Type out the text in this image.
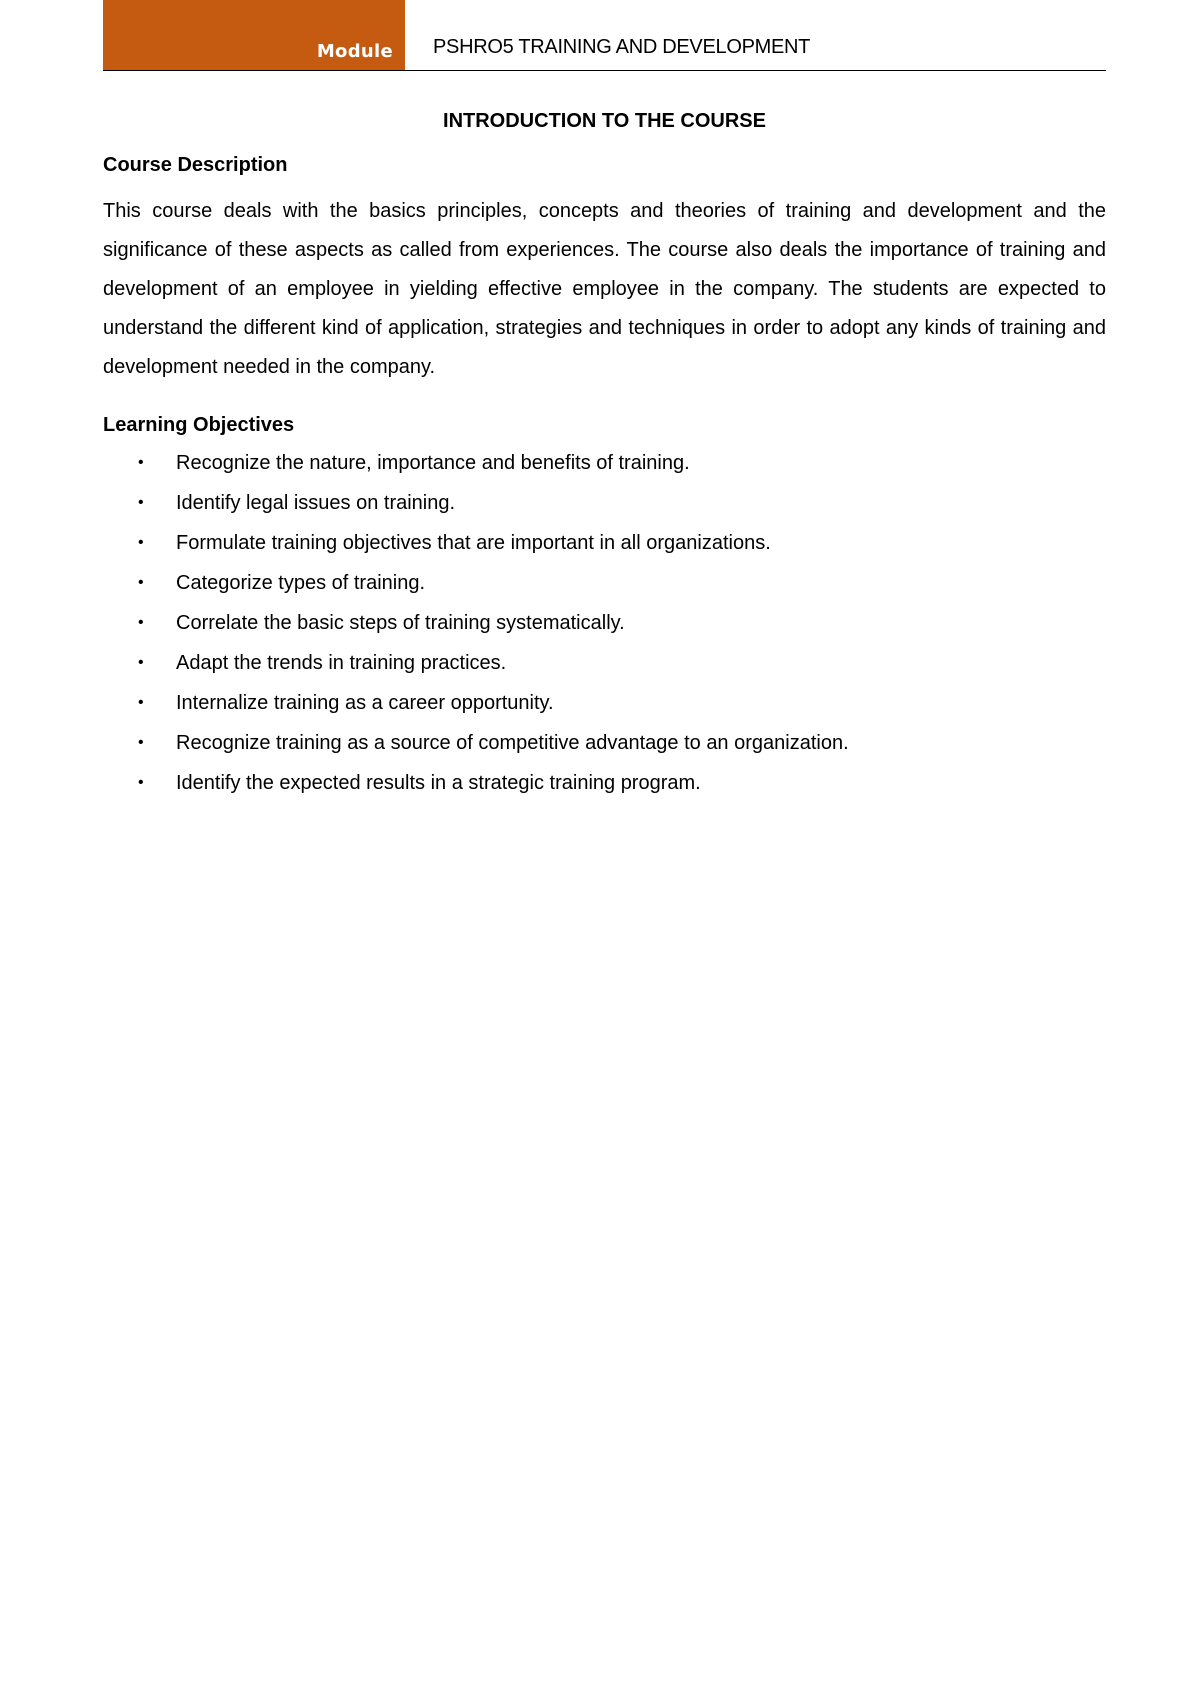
Module PSHRO5 TRAINING AND DEVELOPMENT
INTRODUCTION TO THE COURSE
Course Description

This course deals with the basics principles, concepts and theories of training and development and the significance of these aspects as called from experiences. The course also deals the importance of training and development of an employee in yielding effective employee in the company. The students are expected to understand the different kind of application, strategies and techniques in order to adopt any kinds of training and development needed in the company.

Learning Objectives
• Recognize the nature, importance and benefits of training.
• Identify legal issues on training.
• Formulate training objectives that are important in all organizations.
• Categorize types of training.
• Correlate the basic steps of training systematically.
• Adapt the trends in training practices.
• Internalize training as a career opportunity.
• Recognize training as a source of competitive advantage to an organization.
• Identify the expected results in a strategic training program.
